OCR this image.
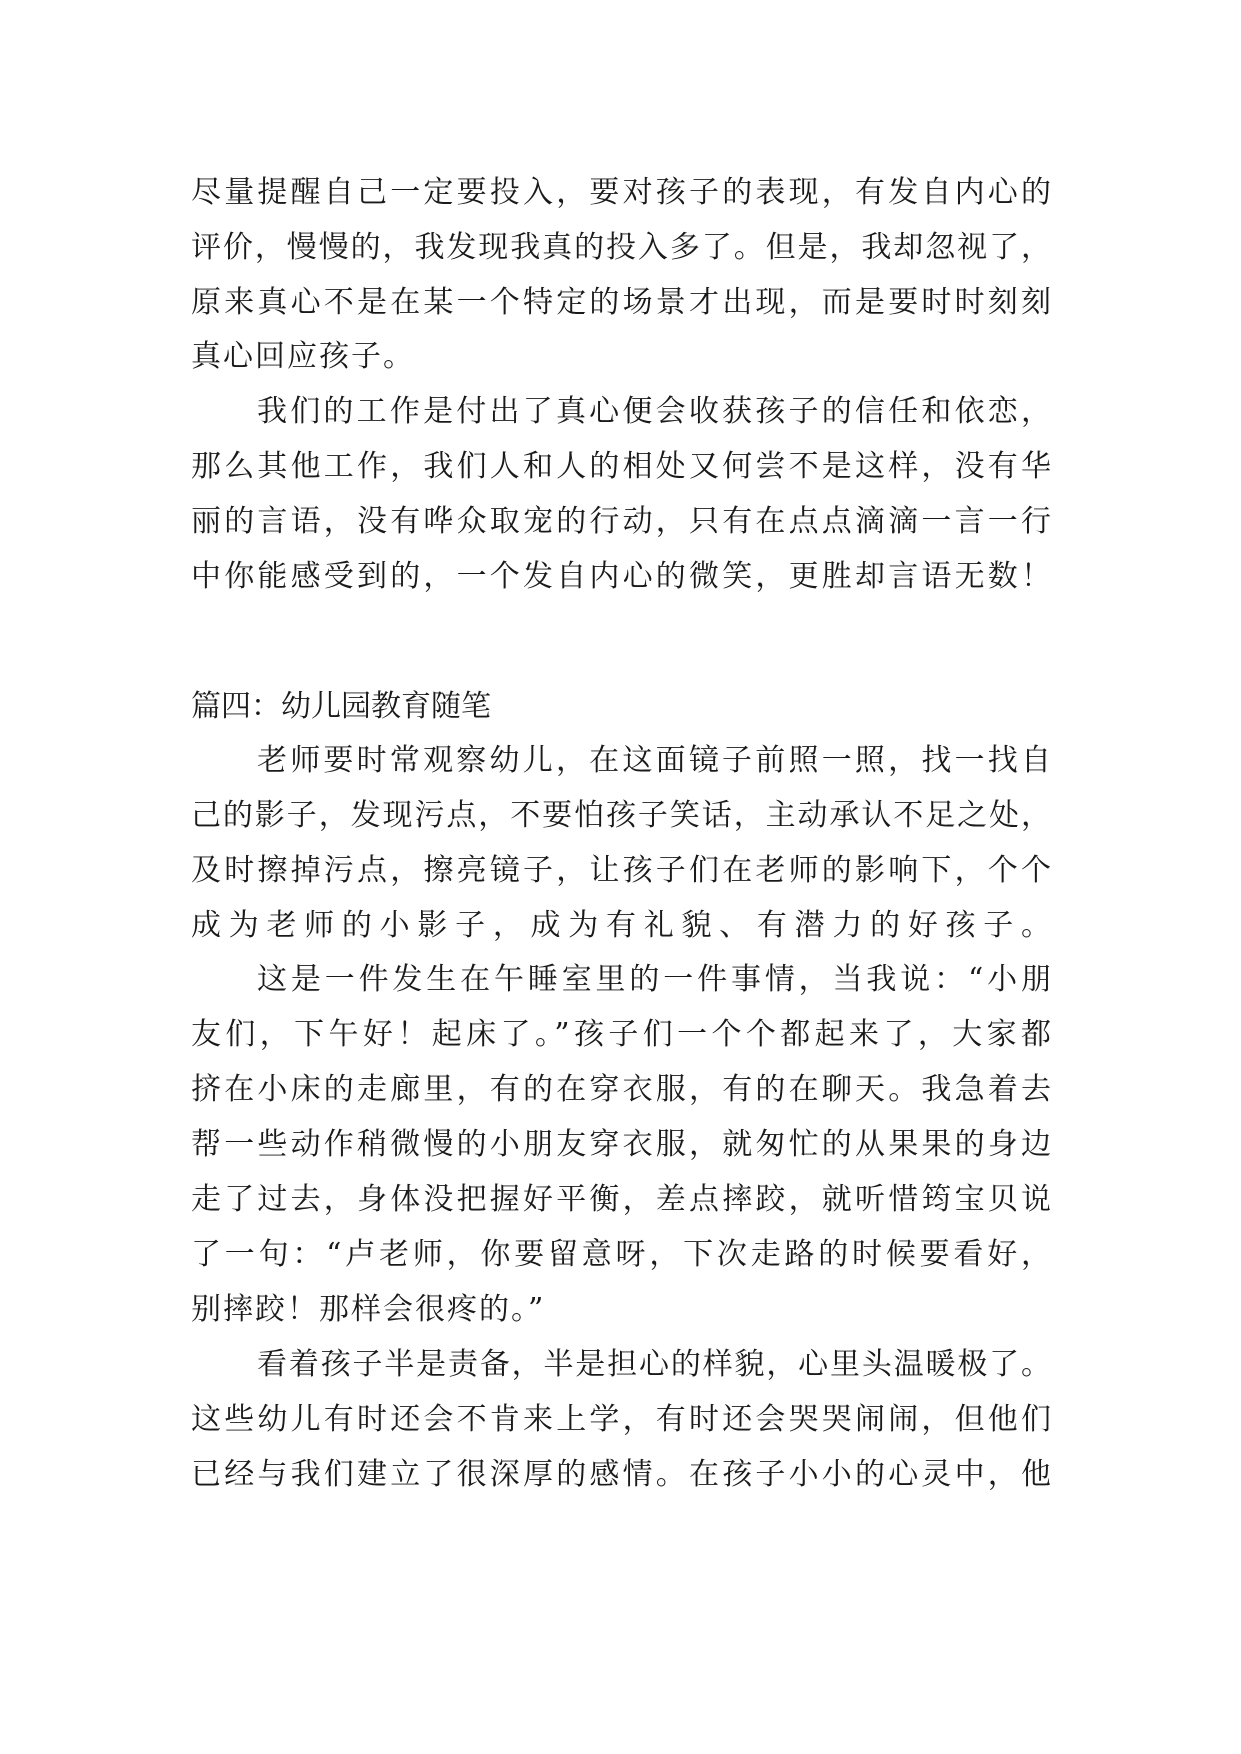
尽量提醒自己一定要投入，要对孩子的表现，有发自内心的
评价，慢慢的，我发现我真的投入多了。但是，我却忽视了，
原来真心不是在某一个特定的场景才出现，而是要时时刻刻
真心回应孩子。
我们的工作是付出了真心便会收获孩子的信任和依恋，
那么其他工作，我们人和人的相处又何尝不是这样，没有华
丽的言语，没有哗众取宠的行动，只有在点点滴滴一言一行
中你能感受到的，一个发自内心的微笑，更胜却言语无数！
篇四：幼儿园教育随笔
老师要时常观察幼儿，在这面镜子前照一照，找一找自
己的影子，发现污点，不要怕孩子笑话，主动承认不足之处，
及时擦掉污点，擦亮镜子，让孩子们在老师的影响下，个个
成为老师的小影子，成为有礼貌、有潜力的好孩子。
这是一件发生在午睡室里的一件事情，当我说：“小朋
友们，下午好！起床了。”孩子们一个个都起来了，大家都
挤在小床的走廊里，有的在穿衣服，有的在聊天。我急着去
帮一些动作稍微慢的小朋友穿衣服，就匆忙的从果果的身边
走了过去，身体没把握好平衡，差点摔跤，就听惜筠宝贝说
了一句：“卢老师，你要留意呀，下次走路的时候要看好，
别摔跤！那样会很疼的。”
看着孩子半是责备，半是担心的样貌，心里头温暖极了。
这些幼儿有时还会不肯来上学，有时还会哭哭闹闹，但他们
已经与我们建立了很深厚的感情。在孩子小小的心灵中，他
